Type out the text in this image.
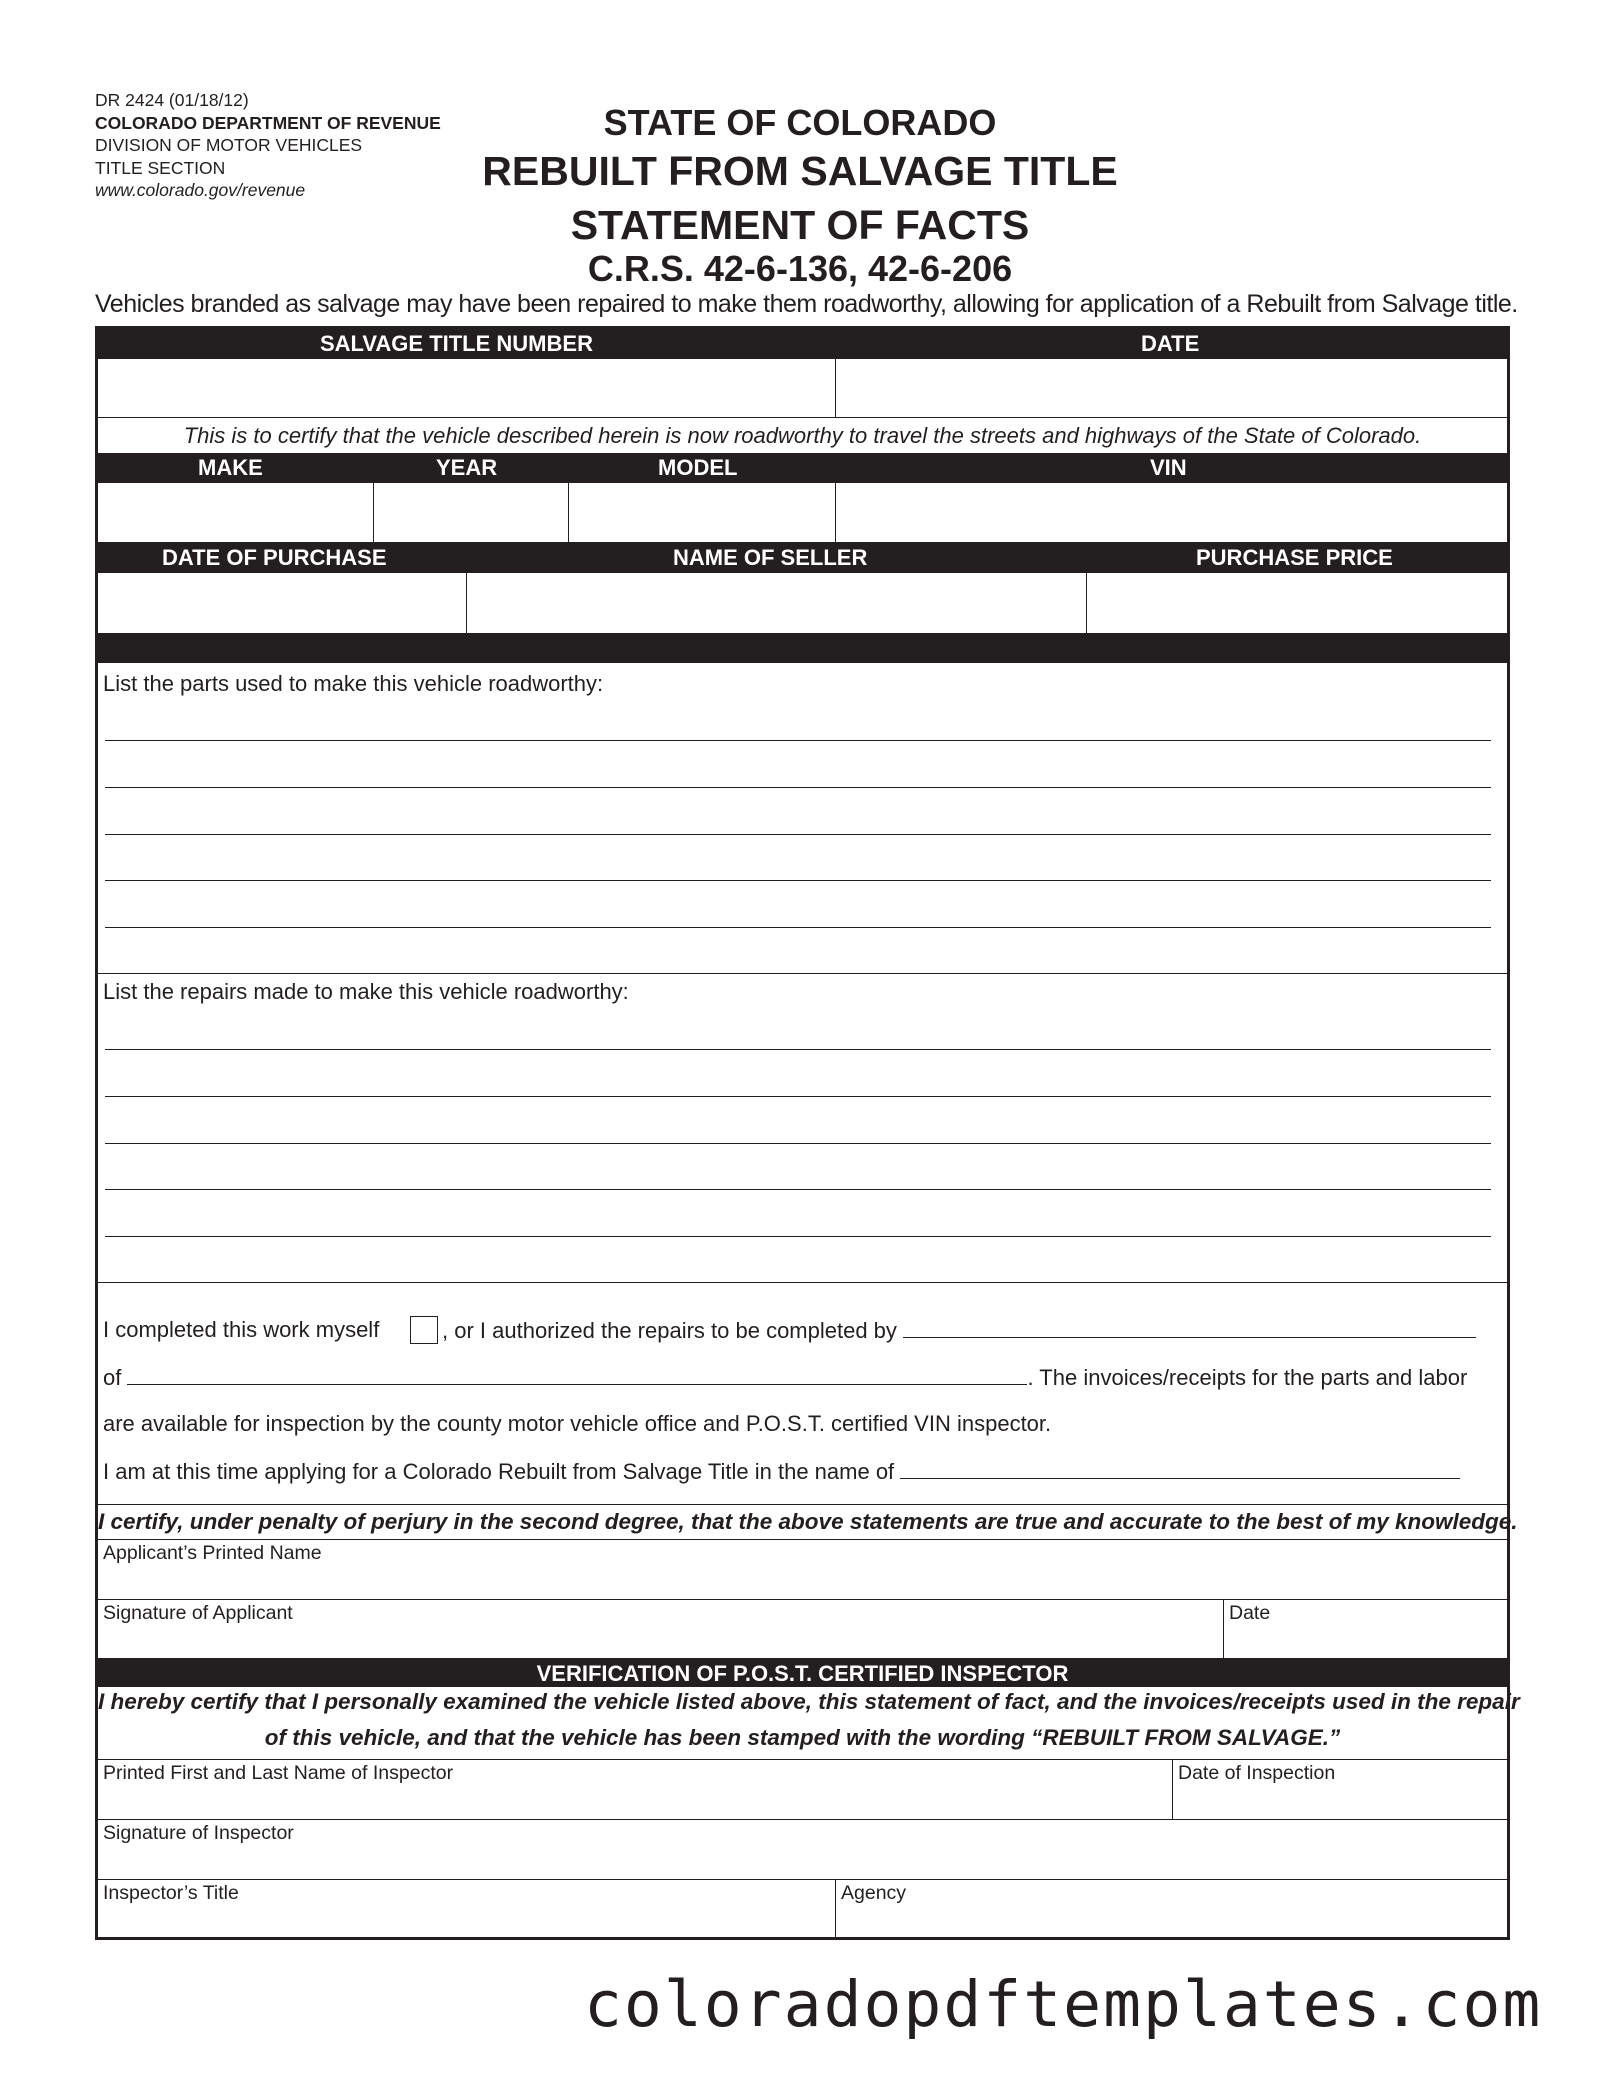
DR 2424 (01/18/12)
COLORADO DEPARTMENT OF REVENUE
DIVISION OF MOTOR VEHICLES
TITLE SECTION
www.colorado.gov/revenue
STATE OF COLORADO
REBUILT FROM SALVAGE TITLE
STATEMENT OF FACTS
C.R.S. 42-6-136, 42-6-206
Vehicles branded as salvage may have been repaired to make them roadworthy, allowing for application of a Rebuilt from Salvage title.
SALVAGE TITLE NUMBER	DATE
This is to certify that the vehicle described herein is now roadworthy to travel the streets and highways of the State of Colorado.
MAKE	YEAR	MODEL	VIN
DATE OF PURCHASE	NAME OF SELLER	PURCHASE PRICE
List the parts used to make this vehicle roadworthy:
List the repairs made to make this vehicle roadworthy:
I completed this work myself	, or I authorized the repairs to be completed by
of	. The invoices/receipts for the parts and labor
are available for inspection by the county motor vehicle office and P.O.S.T. certified VIN inspector.
I am at this time applying for a Colorado Rebuilt from Salvage Title in the name of
I certify, under penalty of perjury in the second degree, that the above statements are true and accurate to the best of my knowledge.
Applicant’s Printed Name
Signature of Applicant	Date
VERIFICATION OF P.O.S.T. CERTIFIED INSPECTOR
I hereby certify that I personally examined the vehicle listed above, this statement of fact, and the invoices/receipts used in the repair
of this vehicle, and that the vehicle has been stamped with the wording “REBUILT FROM SALVAGE.”
Printed First and Last Name of Inspector	Date of Inspection
Signature of Inspector
Inspector’s Title	Agency
coloradopdftemplates.com
